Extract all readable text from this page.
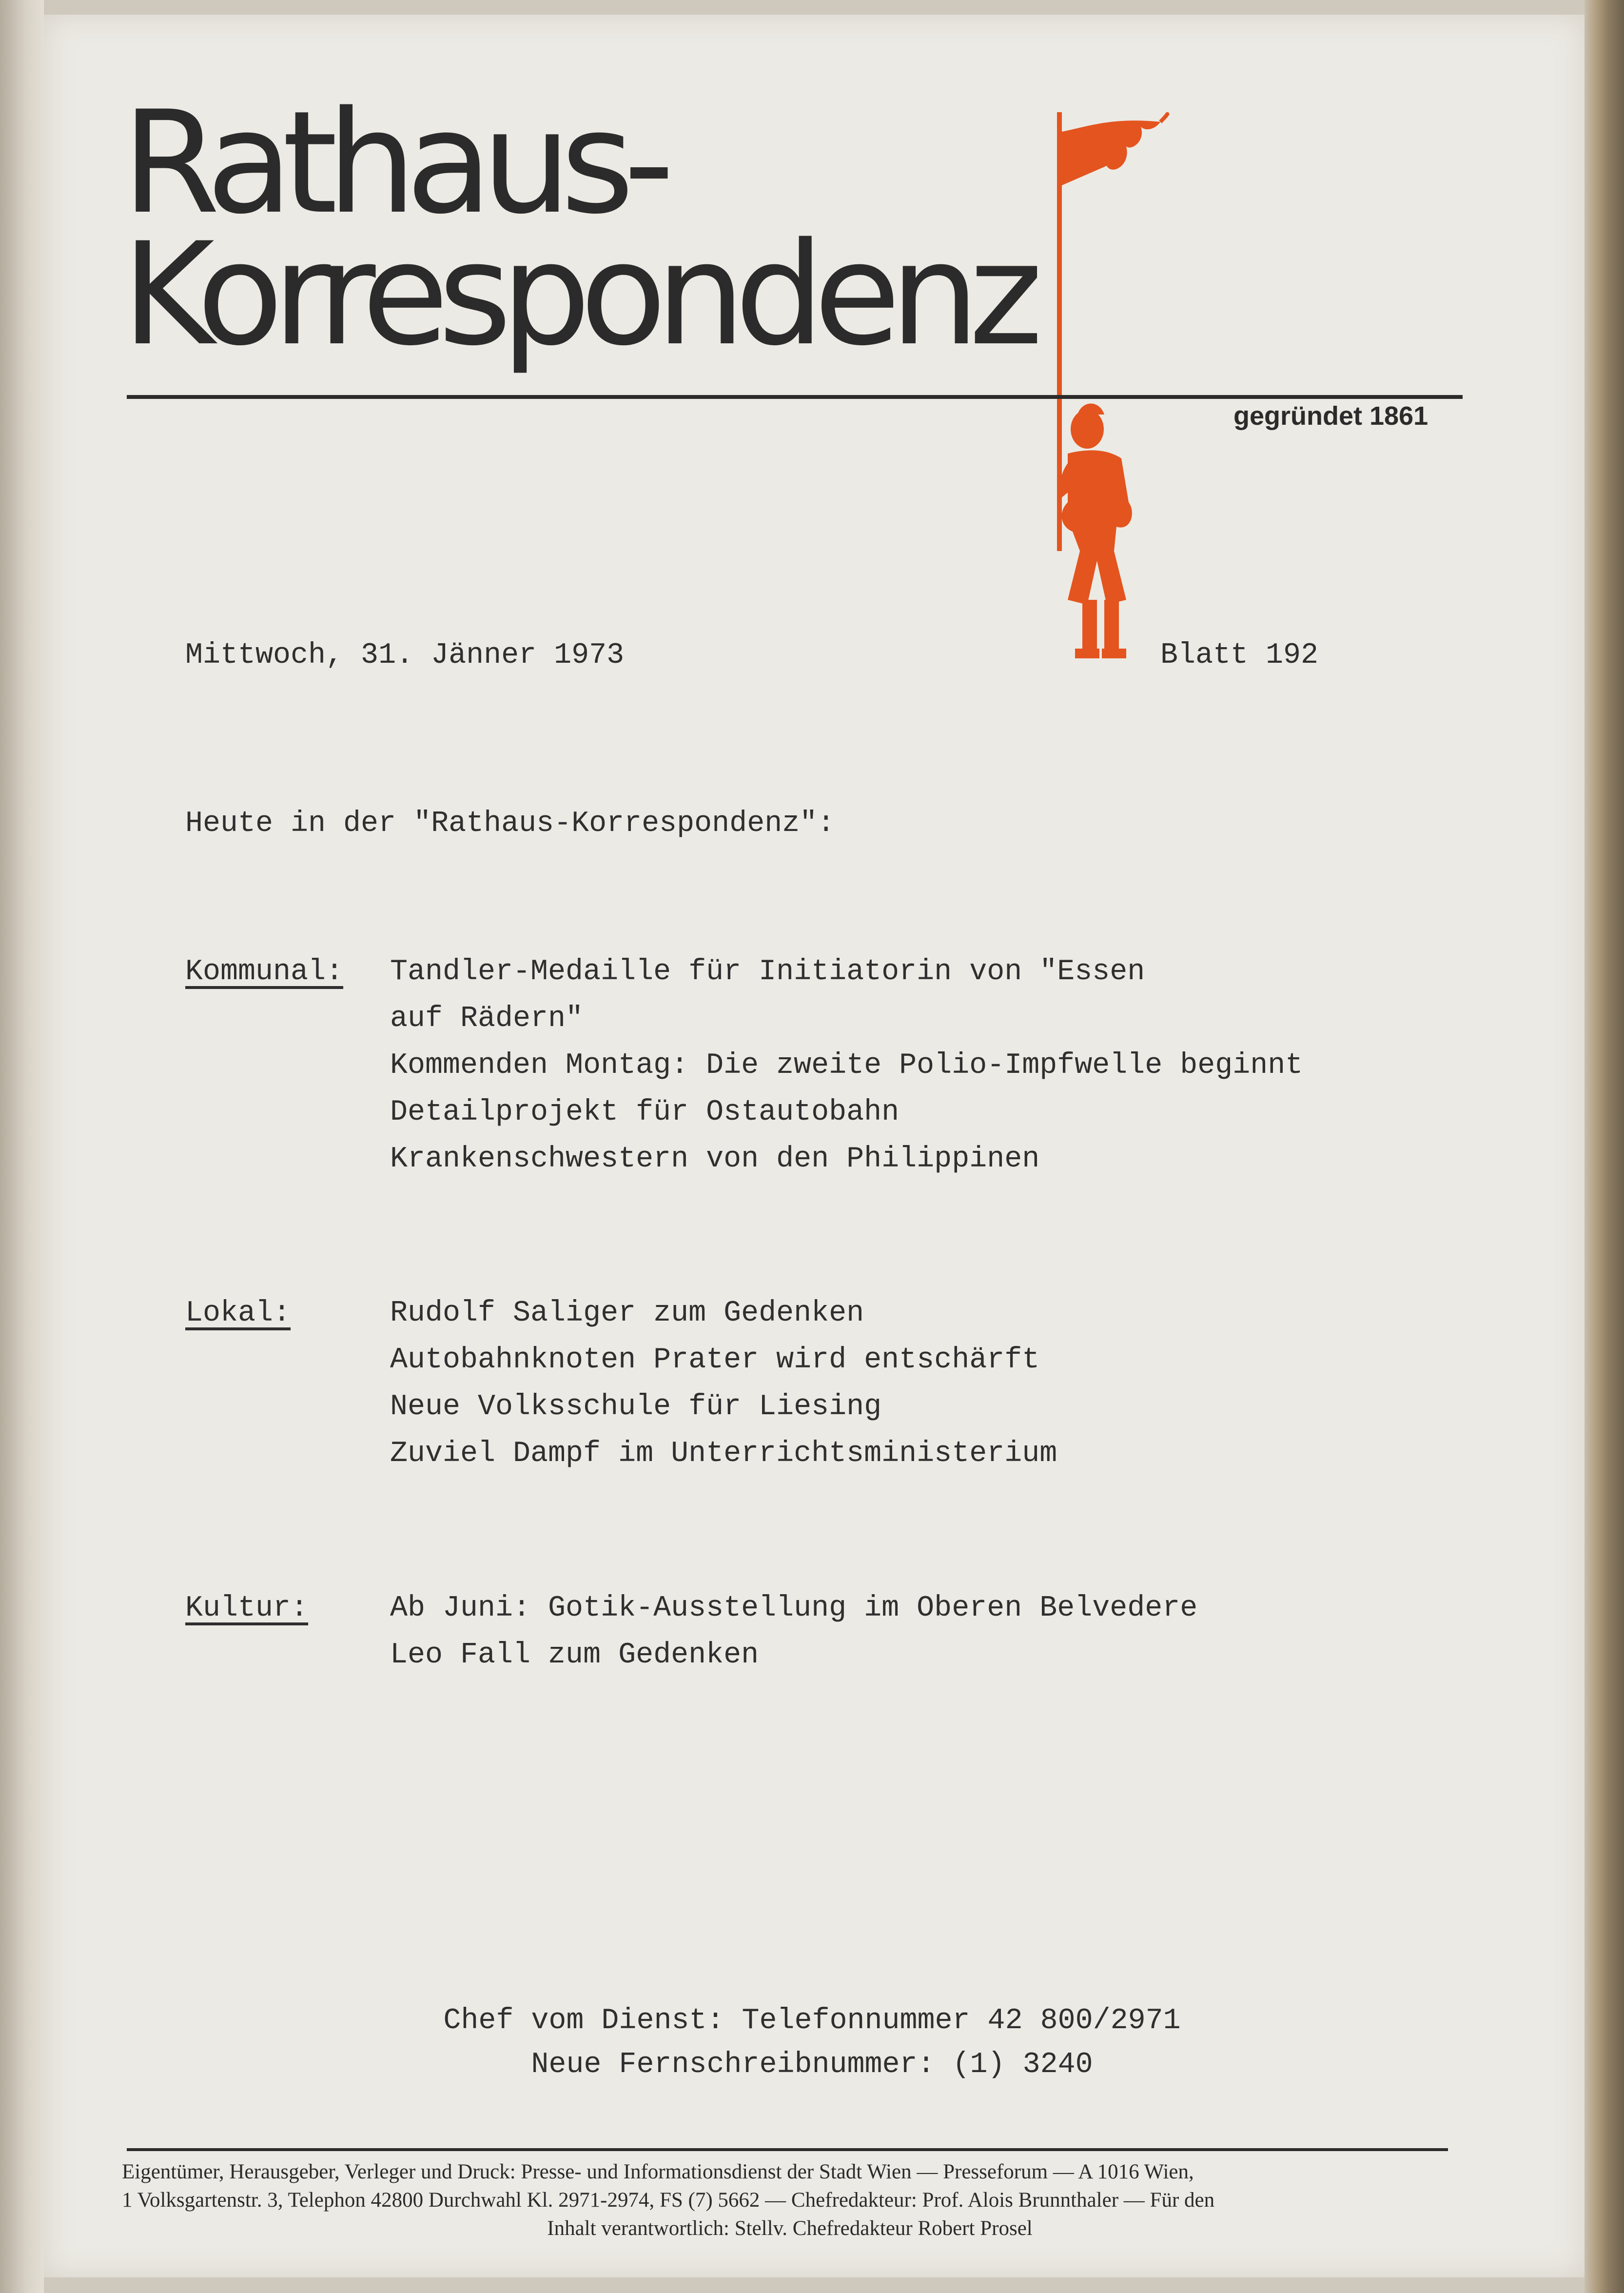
Rathaus-
Korrespondenz
gegründet 1861
Mittwoch, 31. Jänner 1973	Blatt 192
Heute in der "Rathaus-Korrespondenz":
Kommunal: Tandler-Medaille für Initiatorin von "Essen
auf Rädern"
Kommenden Montag: Die zweite Polio-Impfwelle beginnt
Detailprojekt für Ostautobahn
Krankenschwestern von den Philippinen
Lokal:	Rudolf Saliger zum Gedenken
Autobahnknoten Prater wird entschärft
Neue Volksschule für Liesing
Zuviel Dampf im Unterrichtsministerium
Kultur:	Ab Juni: Gotik-Ausstellung im Oberen Belvedere
Leo Fall zum Gedenken
Chef vom Dienst: Telefonnummer 42 800/2971
Neue Fernschreibnummer: (1) 3240
Eigentümer, Herausgeber, Verleger und Druck: Presse- und Informationsdienst der Stadt Wien — Presseforum — A 1016 Wien,
1 Volksgartenstr. 3, Telephon 42800 Durchwahl Kl. 2971-2974, FS (7) 5662 — Chefredakteur: Prof. Alois Brunnthaler — Für den
Inhalt verantwortlich: Stellv. Chefredakteur Robert Prosel
